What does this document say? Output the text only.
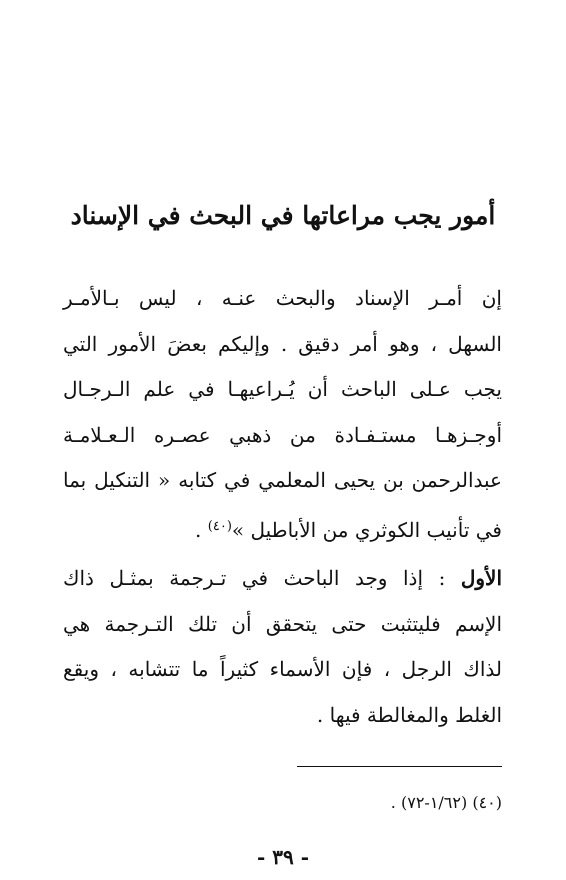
أمور يجب مراعاتها في البحث في الإسناد
إن أمـر الإسناد والبحث عنـه ، ليس بـالأمـر
السهل ، وهو أمر دقيق . وإليكم بعضَ الأمور التي
يجب عـلى الباحث أن يُـراعيهـا في علم الـرجـال
أوجـزهـا مستـفـادة من ذهبي عصـره الـعـلامـة
عبدالرحمن بن يحيى المعلمي في كتابه « التنكيل بما
في تأنيب الكوثري من الأباطيل »$^{(٤٠)}$ .
الأول : إذا وجد الباحث في تـرجمة بمثـل ذاك
الإسم فليتثبت حتى يتحقق أن تلك التـرجمة هي
لذاك الرجل ، فإن الأسماء كثيراً ما تتشابه ، ويقع
الغلط والمغالطة فيها .
(٤٠) (١/٦٢-٧٢) .
- ٣٩ -
